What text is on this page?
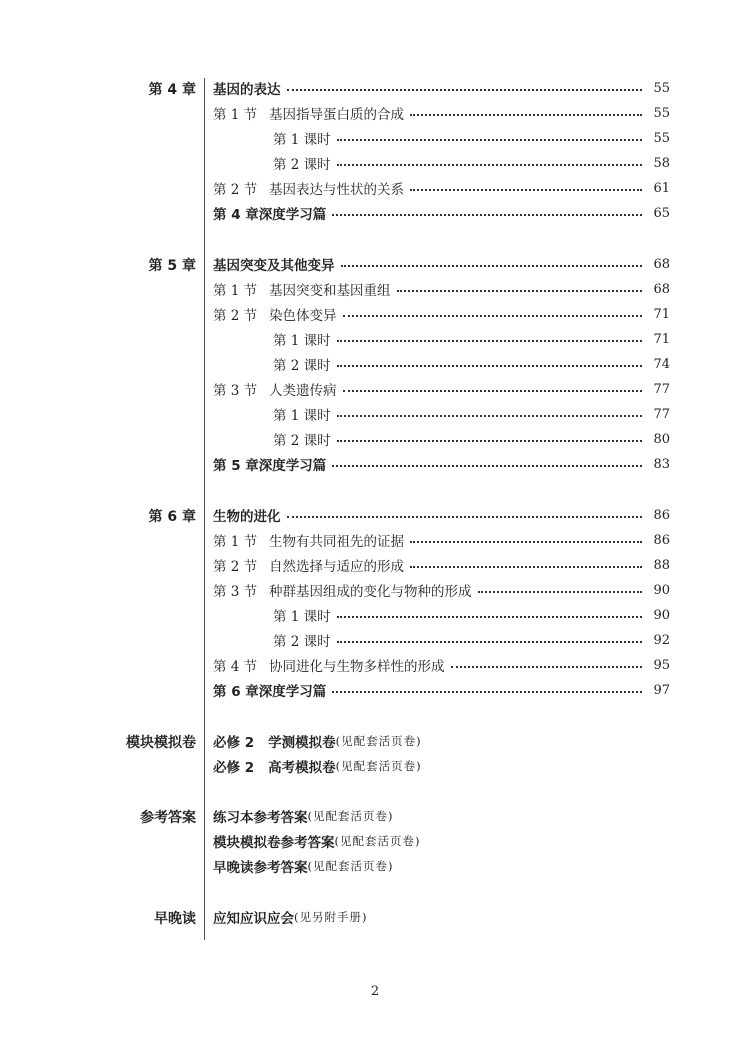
第 4 章 基因的表达	55
第 1 节 基因指导蛋白质的合成	55
第 1 课时	55
第 2 课时	58
第 2 节 基因表达与性状的关系	61
第 4 章深度学习篇	65
第 5 章 基因突变及其他变异	68
第 1 节 基因突变和基因重组	68
第 2 节 染色体变异	71
第 1 课时	71
第 2 课时	74
第 3 节 人类遗传病	77
第 1 课时	77
第 2 课时	80
第 5 章深度学习篇	83
第 6 章 生物的进化	86
第 1 节 生物有共同祖先的证据	86
第 2 节 自然选择与适应的形成	88
第 3 节 种群基因组成的变化与物种的形成	90
第 1 课时	90
第 2 课时	92
第 4 节 协同进化与生物多样性的形成	95
第 6 章深度学习篇	97
模块模拟卷 必修 2 学测模拟卷 (见配套活页卷)
必修 2 高考模拟卷 (见配套活页卷)
参考答案 练习本参考答案 (见配套活页卷)
模块模拟卷参考答案 (见配套活页卷)
早晚读参考答案 (见配套活页卷)
早晚读 应知应识应会 (见另附手册)
2
